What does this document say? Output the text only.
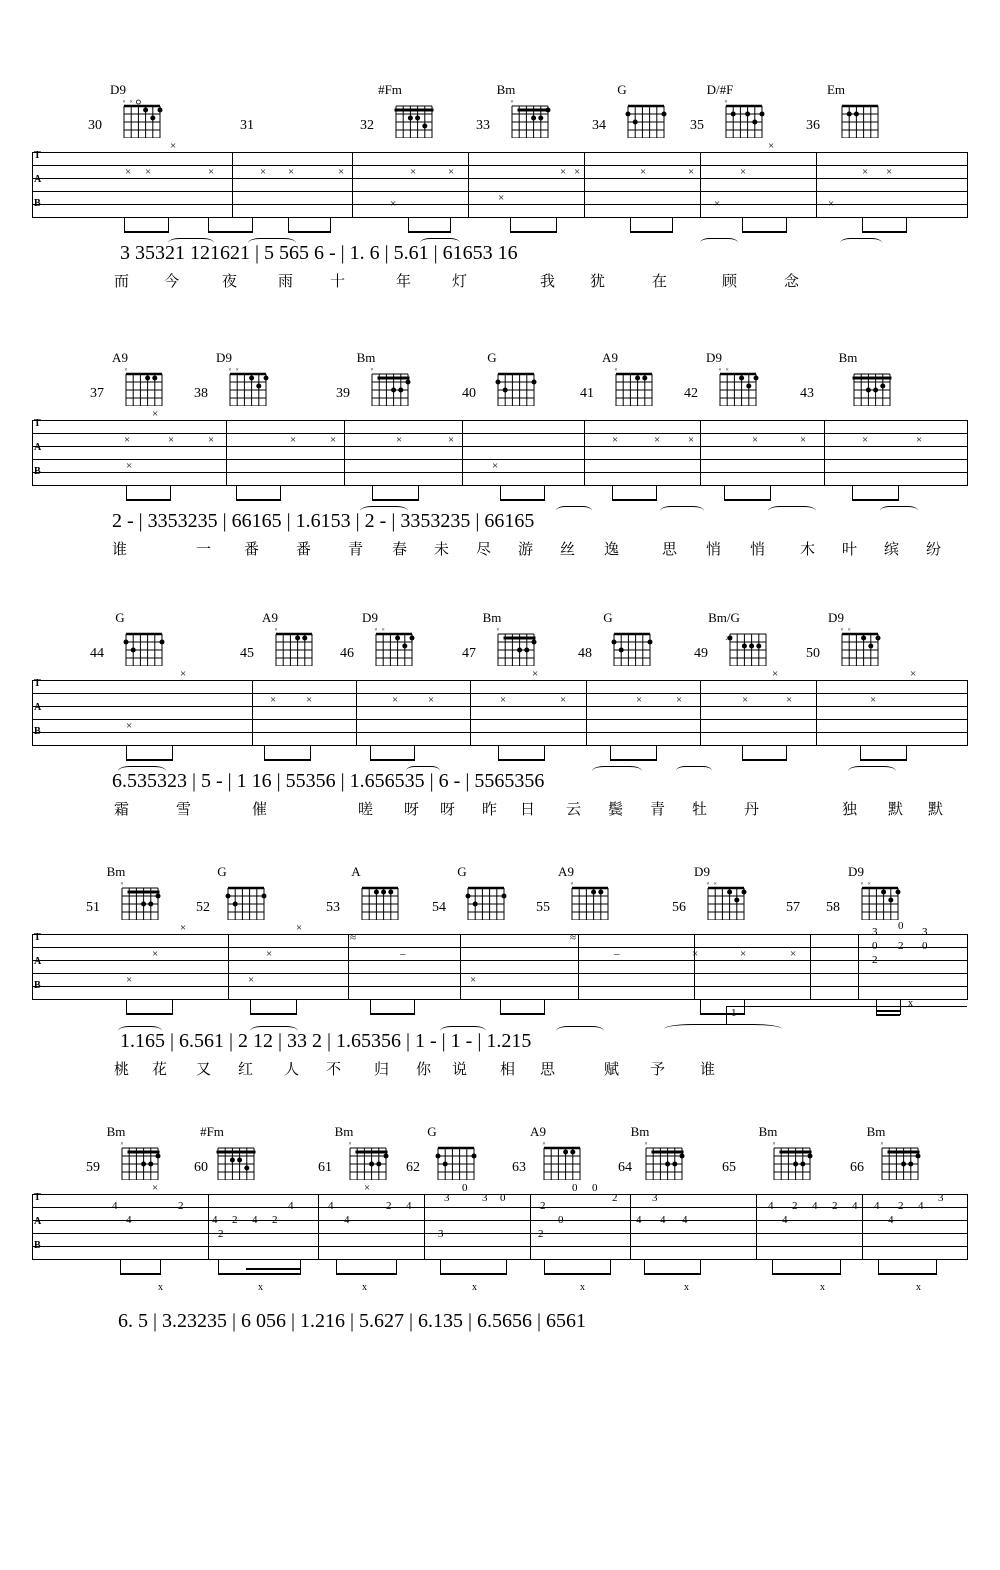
30
D9
× ×
31	32
#Fm
33
Bm
×
34
G
35
D/#F
×
36
Em
T
A
B
×
× ×	×	× ×	×
×
×	×
×
× ×	×	×
×
×
×
×
× ×
3 35321 121621 | 5 565 6 - | 1. 6 | 5.61 | 61653 16
而 今	夜	雨 十	年	灯	我 犹	在	顾	念
37
A9
×
38
D9
× ×
39
Bm
×
40
G
41
A9
×
42
D9
× ×
43
Bm
T
A
B
×
×	×
×
×	×	×	×	×
×
×	×	×	×	×	×	×
2 - | 3353235 | 66165 | 1.6153 | 2 - | 3353235 | 66165
谁	一 番 番 青 春 未 尽 游 丝 逸	思 悄 悄 木 叶 缤 纷
44
G
45
A9
×
46
D9
× ×
47
Bm
×
48
G
49
Bm/G
2
50
D9
× ×
T
A
B
×
×
×	×	×	×
×
×	×	×	×
×
×	×	×
×
6.535323 | 5 - | 1 16 | 55356 | 1.656535 | 6 - | 5565356
霜	雪	催	嗟 呀 呀 昨 日 云 鬓 青 牡 丹	独 默 默
51
Bm
×
52
G
53
A
54
G
55
A9
×
56
D9
× ×
57 58
D9
× ×
T
A
B
×
×
×
×
×
×
≈
–
×
≈
–	×	×	×
3 0 3
0 2 0
2
x
1.165 | 6.561 | 2 12 | 33 2 | 1.65356 | 1 - | 1 - | 1.215
桃 花 又 红 人 不 归 你 说 相 思	赋 予 谁
1
59
Bm
×
60
#Fm
61
Bm
×
62
G
63
A9
×
64
Bm
×
65
Bm
×
66
Bm
×
T
A
B
×	×
4	2
4	4 2 4 2
4
2
4	2 4
4
0
3	3 0
3
0 0
2
2
0
2
3
4 4 4
4 2 4 2 4
4
4 2 4
3
4
x	x	x	x	x	x	x	x
6. 5 | 3.23235 | 6 056 | 1.216 | 5.627 | 6.135 | 6.5656 | 6561
